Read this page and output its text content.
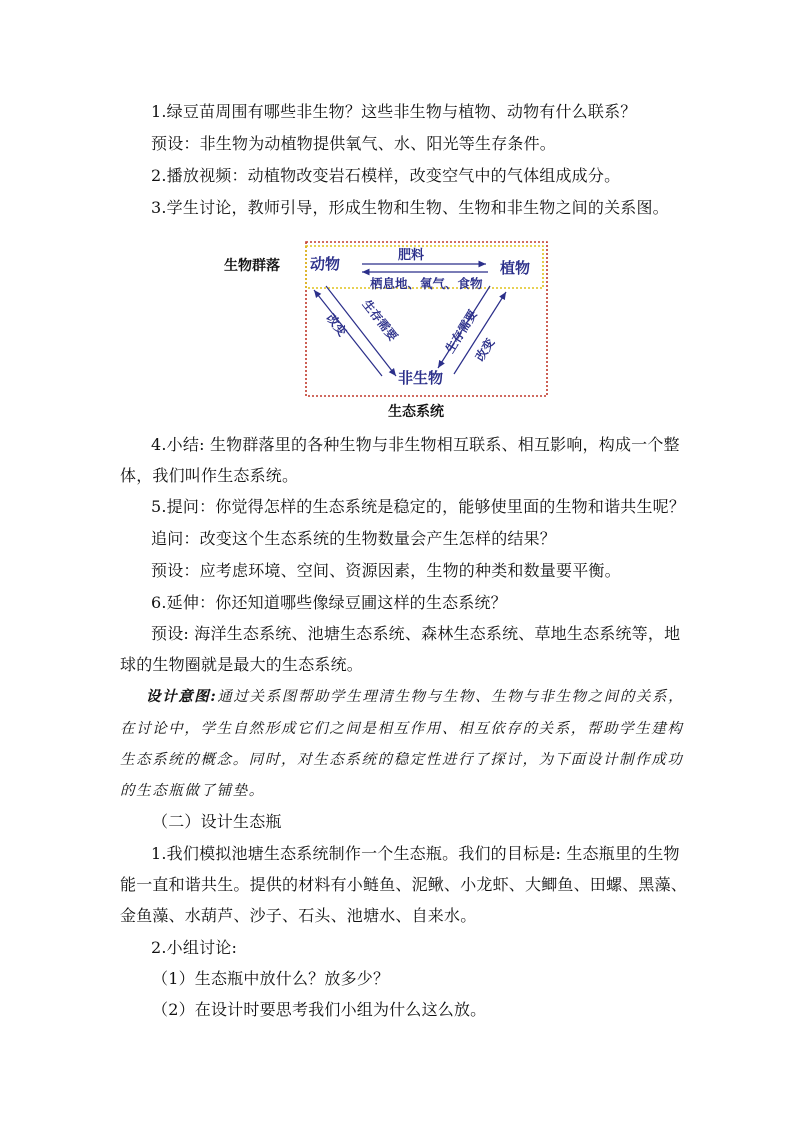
1.绿豆苗周围有哪些非生物？这些非生物与植物、动物有什么联系？
预设：非生物为动植物提供氧气、水、阳光等生存条件。
2.播放视频：动植物改变岩石模样，改变空气中的气体组成成分。
3.学生讨论，教师引导，形成生物和生物、生物和非生物之间的关系图。
生物群落 动物	植物
肥料
栖息地、氧气、食物
非生物
生存需要
改变	生存需要
改变
生态系统
4.小结: 生物群落里的各种生物与非生物相互联系、相互影响，构成一个整
体，我们叫作生态系统。
5.提问：你觉得怎样的生态系统是稳定的，能够使里面的生物和谐共生呢？
追问：改变这个生态系统的生物数量会产生怎样的结果？
预设：应考虑环境、空间、资源因素，生物的种类和数量要平衡。
6.延伸：你还知道哪些像绿豆圃这样的生态系统？
预设: 海洋生态系统、池塘生态系统、森林生态系统、草地生态系统等，地
球的生物圈就是最大的生态系统。
设计意图:通过关系图帮助学生理清生物与生物、生物与非生物之间的关系，
在讨论中，学生自然形成它们之间是相互作用、相互依存的关系，帮助学生建构
生态系统的概念。同时，对生态系统的稳定性进行了探讨，为下面设计制作成功
的生态瓶做了铺垫。
（二）设计生态瓶
1.我们模拟池塘生态系统制作一个生态瓶。我们的目标是: 生态瓶里的生物
能一直和谐共生。提供的材料有小鲢鱼、泥鳅、小龙虾、大鲫鱼、田螺、黑藻、
金鱼藻、水葫芦、沙子、石头、池塘水、自来水。
2.小组讨论:
（1）生态瓶中放什么？放多少？
（2）在设计时要思考我们小组为什么这么放。
